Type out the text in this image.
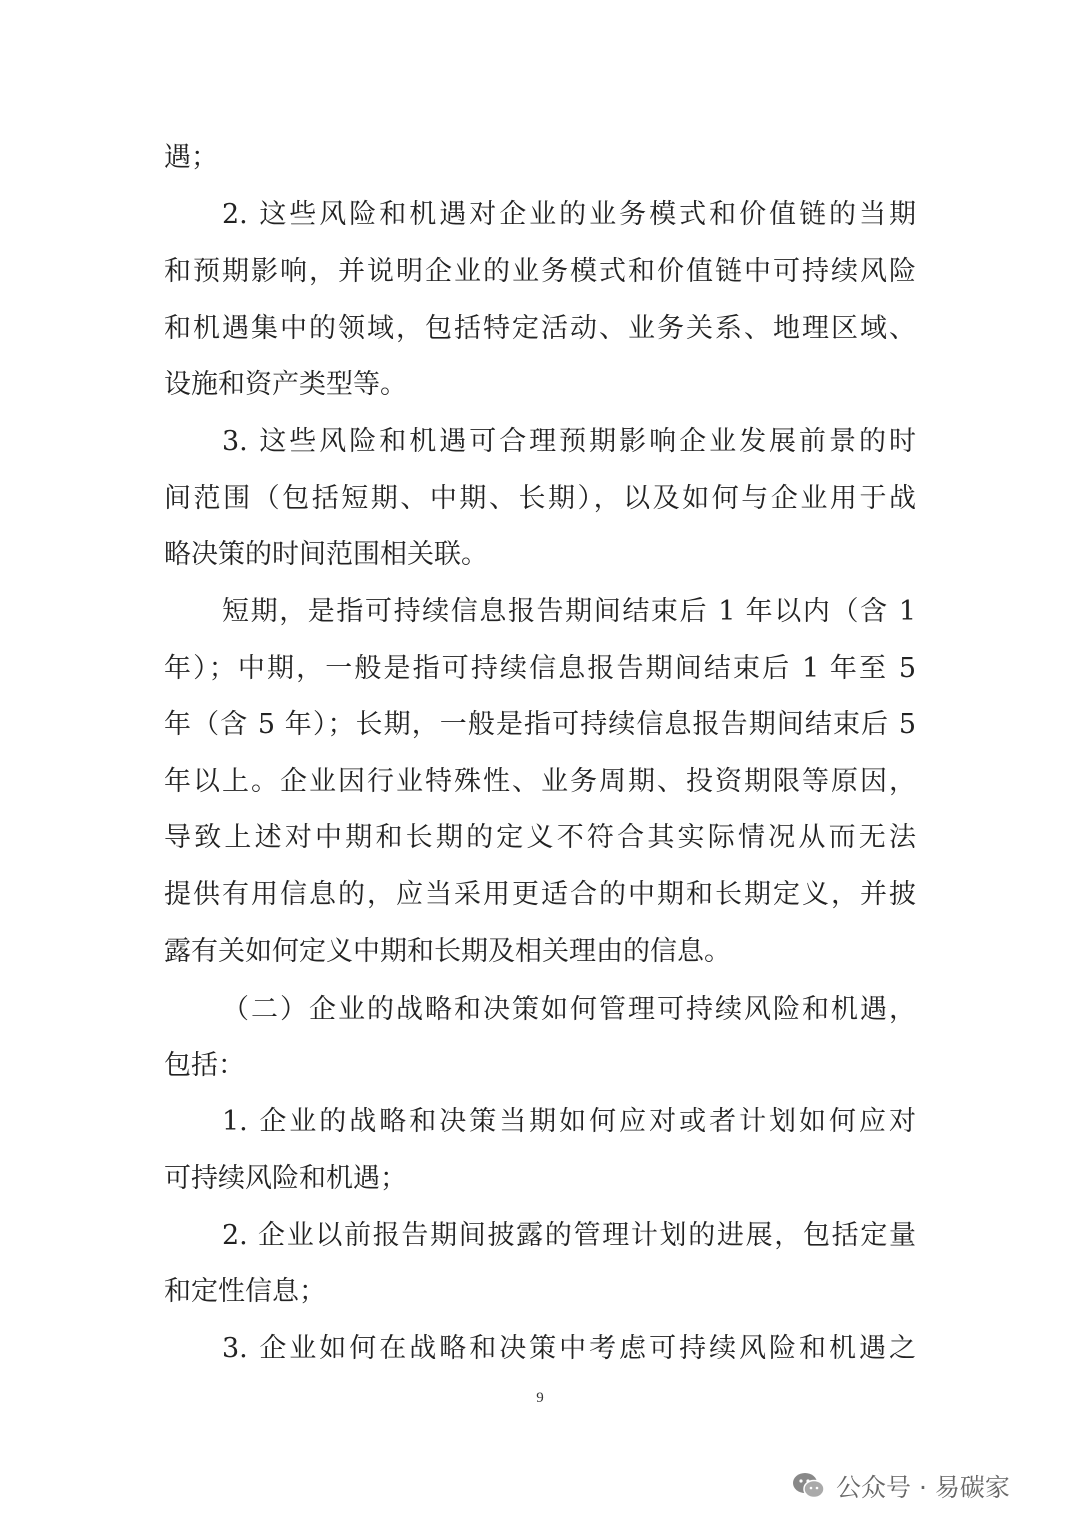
遇；
2. 这些风险和机遇对企业的业务模式和价值链的当期
和预期影响，并说明企业的业务模式和价值链中可持续风险
和机遇集中的领域，包括特定活动、业务关系、地理区域、
设施和资产类型等。
3. 这些风险和机遇可合理预期影响企业发展前景的时
间范围（包括短期、中期、长期），以及如何与企业用于战
略决策的时间范围相关联。
短期，是指可持续信息报告期间结束后 1 年以内（含 1
年）；中期，一般是指可持续信息报告期间结束后 1 年至 5
年（含 5 年）；长期，一般是指可持续信息报告期间结束后 5
年以上。企业因行业特殊性、业务周期、投资期限等原因，
导致上述对中期和长期的定义不符合其实际情况从而无法
提供有用信息的，应当采用更适合的中期和长期定义，并披
露有关如何定义中期和长期及相关理由的信息。
（二）企业的战略和决策如何管理可持续风险和机遇，
包括：
1. 企业的战略和决策当期如何应对或者计划如何应对
可持续风险和机遇；
2. 企业以前报告期间披露的管理计划的进展，包括定量
和定性信息；
3. 企业如何在战略和决策中考虑可持续风险和机遇之
9
公众号 · 易碳家
